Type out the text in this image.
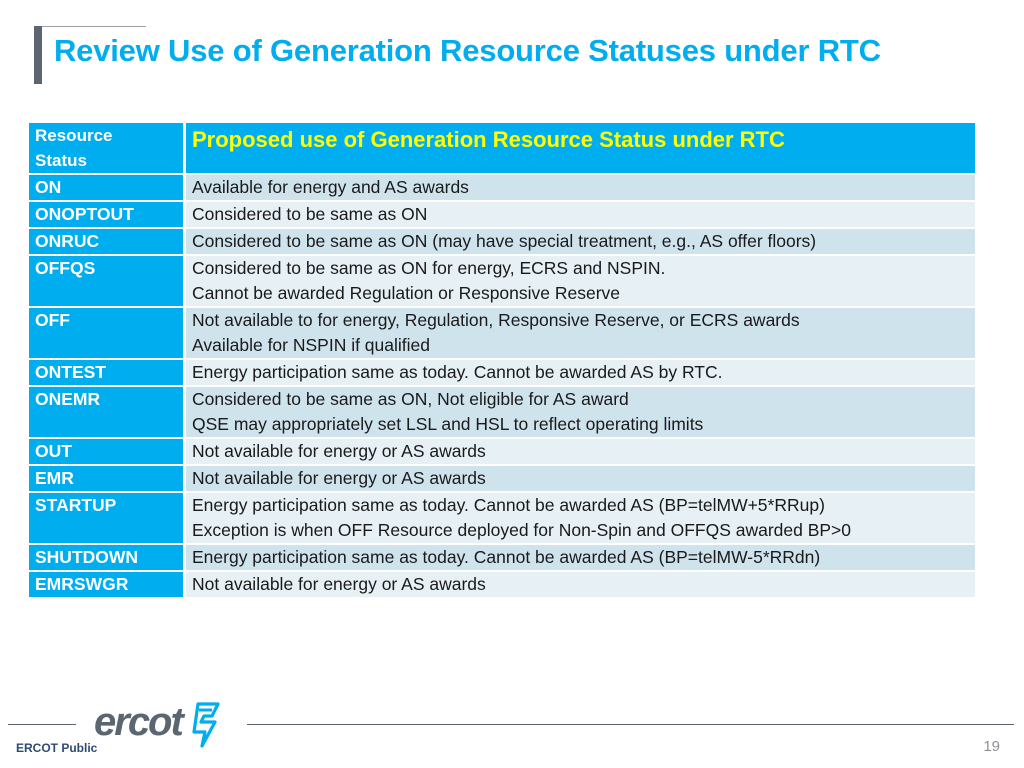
Review Use of Generation Resource Statuses under RTC
Resource
Status	Proposed use of Generation Resource Status under RTC
ON	Available for energy and AS awards

ONOPTOUT	Considered to be same as ON

ONRUC	Considered to be same as ON (may have special treatment, e.g., AS offer floors)

OFFQS	Considered to be same as ON for energy, ECRS and NSPIN.
Cannot be awarded Regulation or Responsive Reserve

OFF	Not available to for energy, Regulation, Responsive Reserve, or ECRS awards
Available for NSPIN if qualified

ONTEST	Energy participation same as today. Cannot be awarded AS by RTC.

ONEMR	Considered to be same as ON, Not eligible for AS award
QSE may appropriately set LSL and HSL to reflect operating limits

OUT	Not available for energy or AS awards

EMR	Not available for energy or AS awards

STARTUP	Energy participation same as today. Cannot be awarded AS (BP=telMW+5*RRup)
Exception is when OFF Resource deployed for Non-Spin and OFFQS awarded BP>0

SHUTDOWN	Energy participation same as today. Cannot be awarded AS (BP=telMW-5*RRdn)

EMRSWGR	Not available for energy or AS awards
ercot
ERCOT Public	19
